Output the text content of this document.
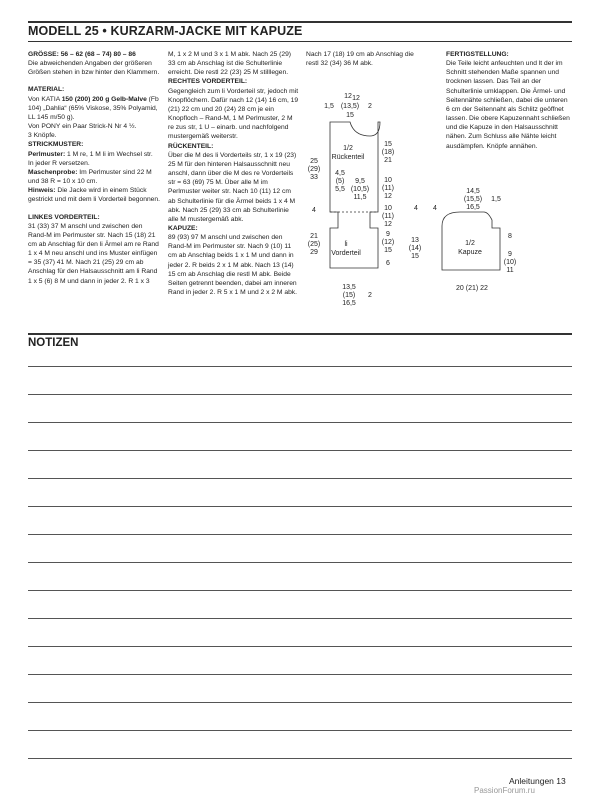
MODELL 25 • KURZARM-JACKE MIT KAPUZE

GRÖSSE: 56 – 62 (68 – 74) 80 – 86

Die abweichenden Angaben der größeren Größen stehen in bzw hinter den Klammern.

MATERIAL:

Von KATIA 150 (200) 200 g Gelb-Malve (Fb 104) „Dahlia“ (65% Viskose, 35% Polyamid, LL 145 m/50 g).

Von PONY ein Paar Strick-N Nr 4 ½.

3 Knöpfe.

STRICKMUSTER:

Perlmuster: 1 M re, 1 M li im Wechsel str. In jeder R versetzen.

Maschenprobe: Im Perlmuster sind 22 M und 38 R = 10 x 10 cm.

Hinweis: Die Jacke wird in einem Stück gestrickt und mit dem li Vorderteil begonnen.

LINKES VORDERTEIL:

31 (33) 37 M anschl und zwischen den Rand-M im Perlmuster str. Nach 15 (18) 21 cm ab Anschlag für den li Ärmel am re Rand 1 x 4 M neu anschl und ins Muster einfügen = 35 (37) 41 M. Nach 21 (25) 29 cm ab Anschlag für den Halsausschnitt am li Rand 1 x 5 (6) 8 M und dann in jeder 2. R 1 x 3

M, 1 x 2 M und 3 x 1 M abk. Nach 25 (29) 33 cm ab Anschlag ist die Schulterlinie erreicht. Die restl 22 (23) 25 M stilllegen.

RECHTES VORDERTEIL:

Gegengleich zum li Vorderteil str, jedoch mit Knopflöchern. Dafür nach 12 (14) 16 cm, 19 (21) 22 cm und 20 (24) 28 cm je ein Knopfloch – Rand-M, 1 M Perlmuster, 2 M re zus str, 1 U – einarb. und nachfolgend mustergemäß weiterstr.

RÜCKENTEIL:

Über die M des li Vorderteils str, 1 x 19 (23) 25 M für den hinteren Halsausschnitt neu anschl, dann über die M des re Vorderteils str = 63 (69) 75 M. Über alle M im Perlmuster weiter str. Nach 10 (11) 12 cm ab Schulterlinie für die Ärmel beids 1 x 4 M abk. Nach 25 (29) 33 cm ab Schulterlinie alle M mustergemäß abk.

KAPUZE:

89 (93) 97 M anschl und zwischen den Rand-M im Perlmuster str. Nach 9 (10) 11 cm ab Anschlag beids 1 x 1 M und dann in jeder 2. R beids 2 x 1 M abk. Nach 13 (14) 15 cm ab Anschlag die restl M abk. Beide Seiten getrennt beenden, dabei am inneren Rand in jeder 2. R 5 x 1 M und 2 x 2 M abk.

Nach 17 (18) 19 cm ab Anschlag die restl 32 (34) 36 M abk.

FERTIGSTELLUNG:

Die Teile leicht anfeuchten und lt der im Schnitt stehenden Maße spannen und trocknen lassen. Das Teil an der Schulterlinie umklappen. Die Ärmel- und Seitennähte schließen, dabei die unteren 6 cm der Seitennaht als Schlitz geöffnet lassen. Die obere Kapuzennaht schließen und die Kapuze in den Halsausschnitt nähen. Zum Schluss alle Nähte leicht ausdämpfen. Knöpfe annähen.

12
12
1,5 (13,5) 2
15
1/2
Rückenteil
25
(29)
33
4,5
(5)
5,5
9,5
(10,5)
11,5
15
(18)
21
10
(11)
12
4	10
(11)
12
9
(12)
15
6
21
(25)
29
li
Vorderteil
13,5
(15)
16,5
2
14,5
(15,5)
16,5
1,5
4
4
8
13
(14)
15
1/2
Kapuze	9
(10)
11
20 (21) 22
NOTIZEN
Anleitungen 13
PassionForum.ru
